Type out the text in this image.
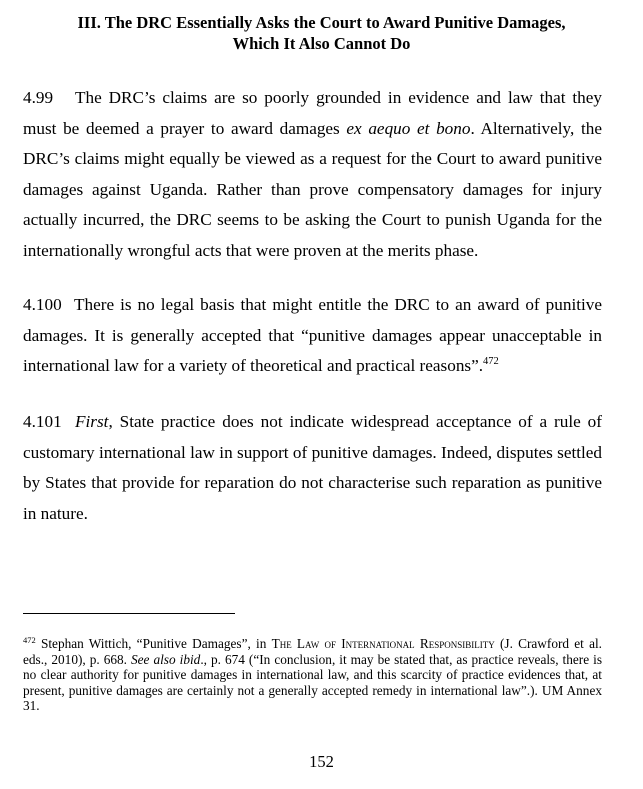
III. The DRC Essentially Asks the Court to Award Punitive Damages,
Which It Also Cannot Do
4.99 The DRC’s claims are so poorly grounded in evidence and law that they must be deemed a prayer to award damages ex aequo et bono. Alternatively, the DRC’s claims might equally be viewed as a request for the Court to award punitive damages against Uganda. Rather than prove compensatory damages for injury actually incurred, the DRC seems to be asking the Court to punish Uganda for the internationally wrongful acts that were proven at the merits phase.
4.100 There is no legal basis that might entitle the DRC to an award of punitive damages. It is generally accepted that “punitive damages appear unacceptable in international law for a variety of theoretical and practical reasons”.$^{472}$
4.101 First, State practice does not indicate widespread acceptance of a rule of customary international law in support of punitive damages. Indeed, disputes settled by States that provide for reparation do not characterise such reparation as punitive in nature.
$^{472}$ Stephan Wittich, “Punitive Damages”, in The Law of International Responsibility (J. Crawford et al. eds., 2010), p. 668. See also ibid., p. 674 (“In conclusion, it may be stated that, as practice reveals, there is no clear authority for punitive damages in international law, and this scarcity of practice evidences that, at present, punitive damages are certainly not a generally accepted remedy in international law”.). UM Annex 31.
152
